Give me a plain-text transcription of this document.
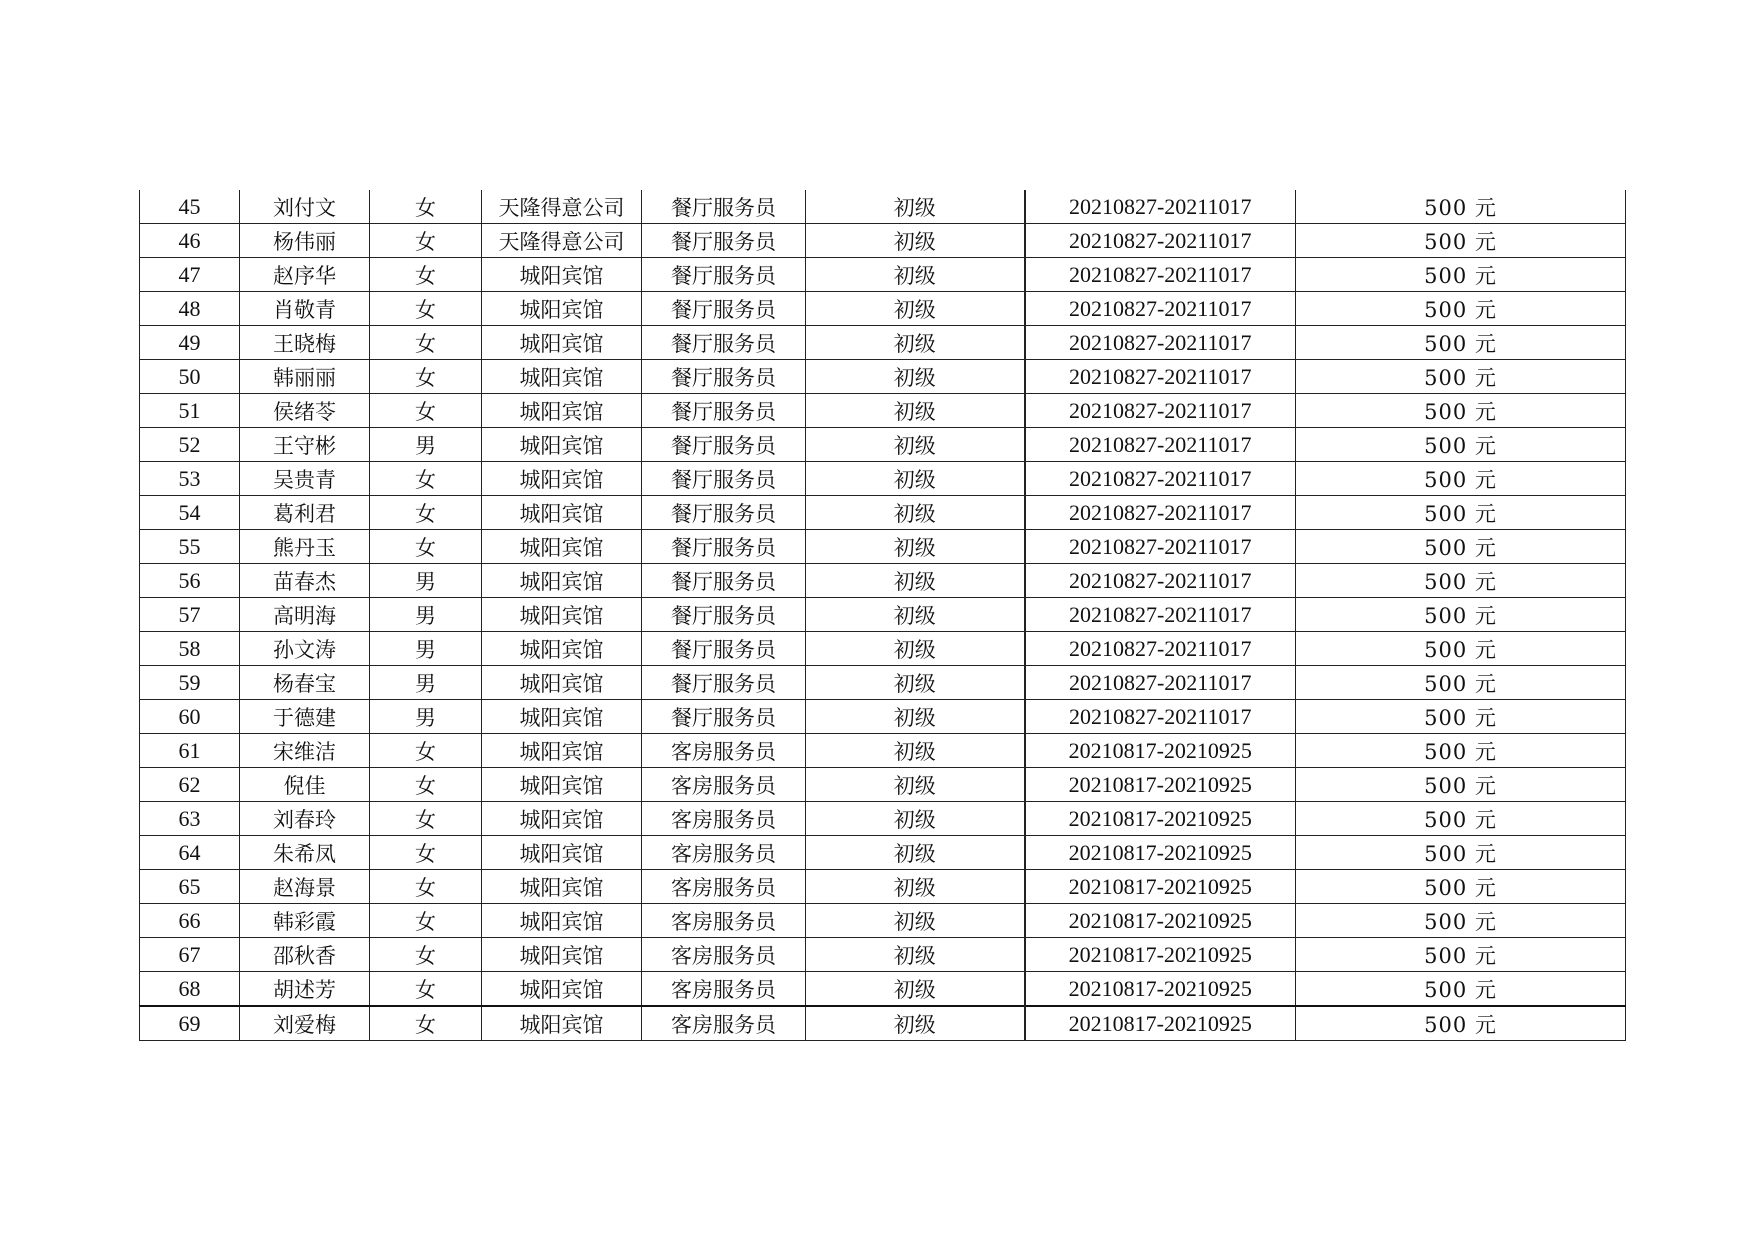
45	刘付文	女	天隆得意公司	餐厅服务员	初级	20210827-20211017	500 元
46	杨伟丽	女	天隆得意公司	餐厅服务员	初级	20210827-20211017	500 元
47	赵序华	女	城阳宾馆	餐厅服务员	初级	20210827-20211017	500 元
48	肖敬青	女	城阳宾馆	餐厅服务员	初级	20210827-20211017	500 元
49	王晓梅	女	城阳宾馆	餐厅服务员	初级	20210827-20211017	500 元
50	韩丽丽	女	城阳宾馆	餐厅服务员	初级	20210827-20211017	500 元
51	侯绪苓	女	城阳宾馆	餐厅服务员	初级	20210827-20211017	500 元
52	王守彬	男	城阳宾馆	餐厅服务员	初级	20210827-20211017	500 元
53	吴贵青	女	城阳宾馆	餐厅服务员	初级	20210827-20211017	500 元
54	葛利君	女	城阳宾馆	餐厅服务员	初级	20210827-20211017	500 元
55	熊丹玉	女	城阳宾馆	餐厅服务员	初级	20210827-20211017	500 元
56	苗春杰	男	城阳宾馆	餐厅服务员	初级	20210827-20211017	500 元
57	高明海	男	城阳宾馆	餐厅服务员	初级	20210827-20211017	500 元
58	孙文涛	男	城阳宾馆	餐厅服务员	初级	20210827-20211017	500 元
59	杨春宝	男	城阳宾馆	餐厅服务员	初级	20210827-20211017	500 元
60	于德建	男	城阳宾馆	餐厅服务员	初级	20210827-20211017	500 元
61	宋维洁	女	城阳宾馆	客房服务员	初级	20210817-20210925	500 元
62	倪佳	女	城阳宾馆	客房服务员	初级	20210817-20210925	500 元
63	刘春玲	女	城阳宾馆	客房服务员	初级	20210817-20210925	500 元
64	朱希凤	女	城阳宾馆	客房服务员	初级	20210817-20210925	500 元
65	赵海景	女	城阳宾馆	客房服务员	初级	20210817-20210925	500 元
66	韩彩霞	女	城阳宾馆	客房服务员	初级	20210817-20210925	500 元
67	邵秋香	女	城阳宾馆	客房服务员	初级	20210817-20210925	500 元
68	胡述芳	女	城阳宾馆	客房服务员	初级	20210817-20210925	500 元
69	刘爱梅	女	城阳宾馆	客房服务员	初级	20210817-20210925	500 元
